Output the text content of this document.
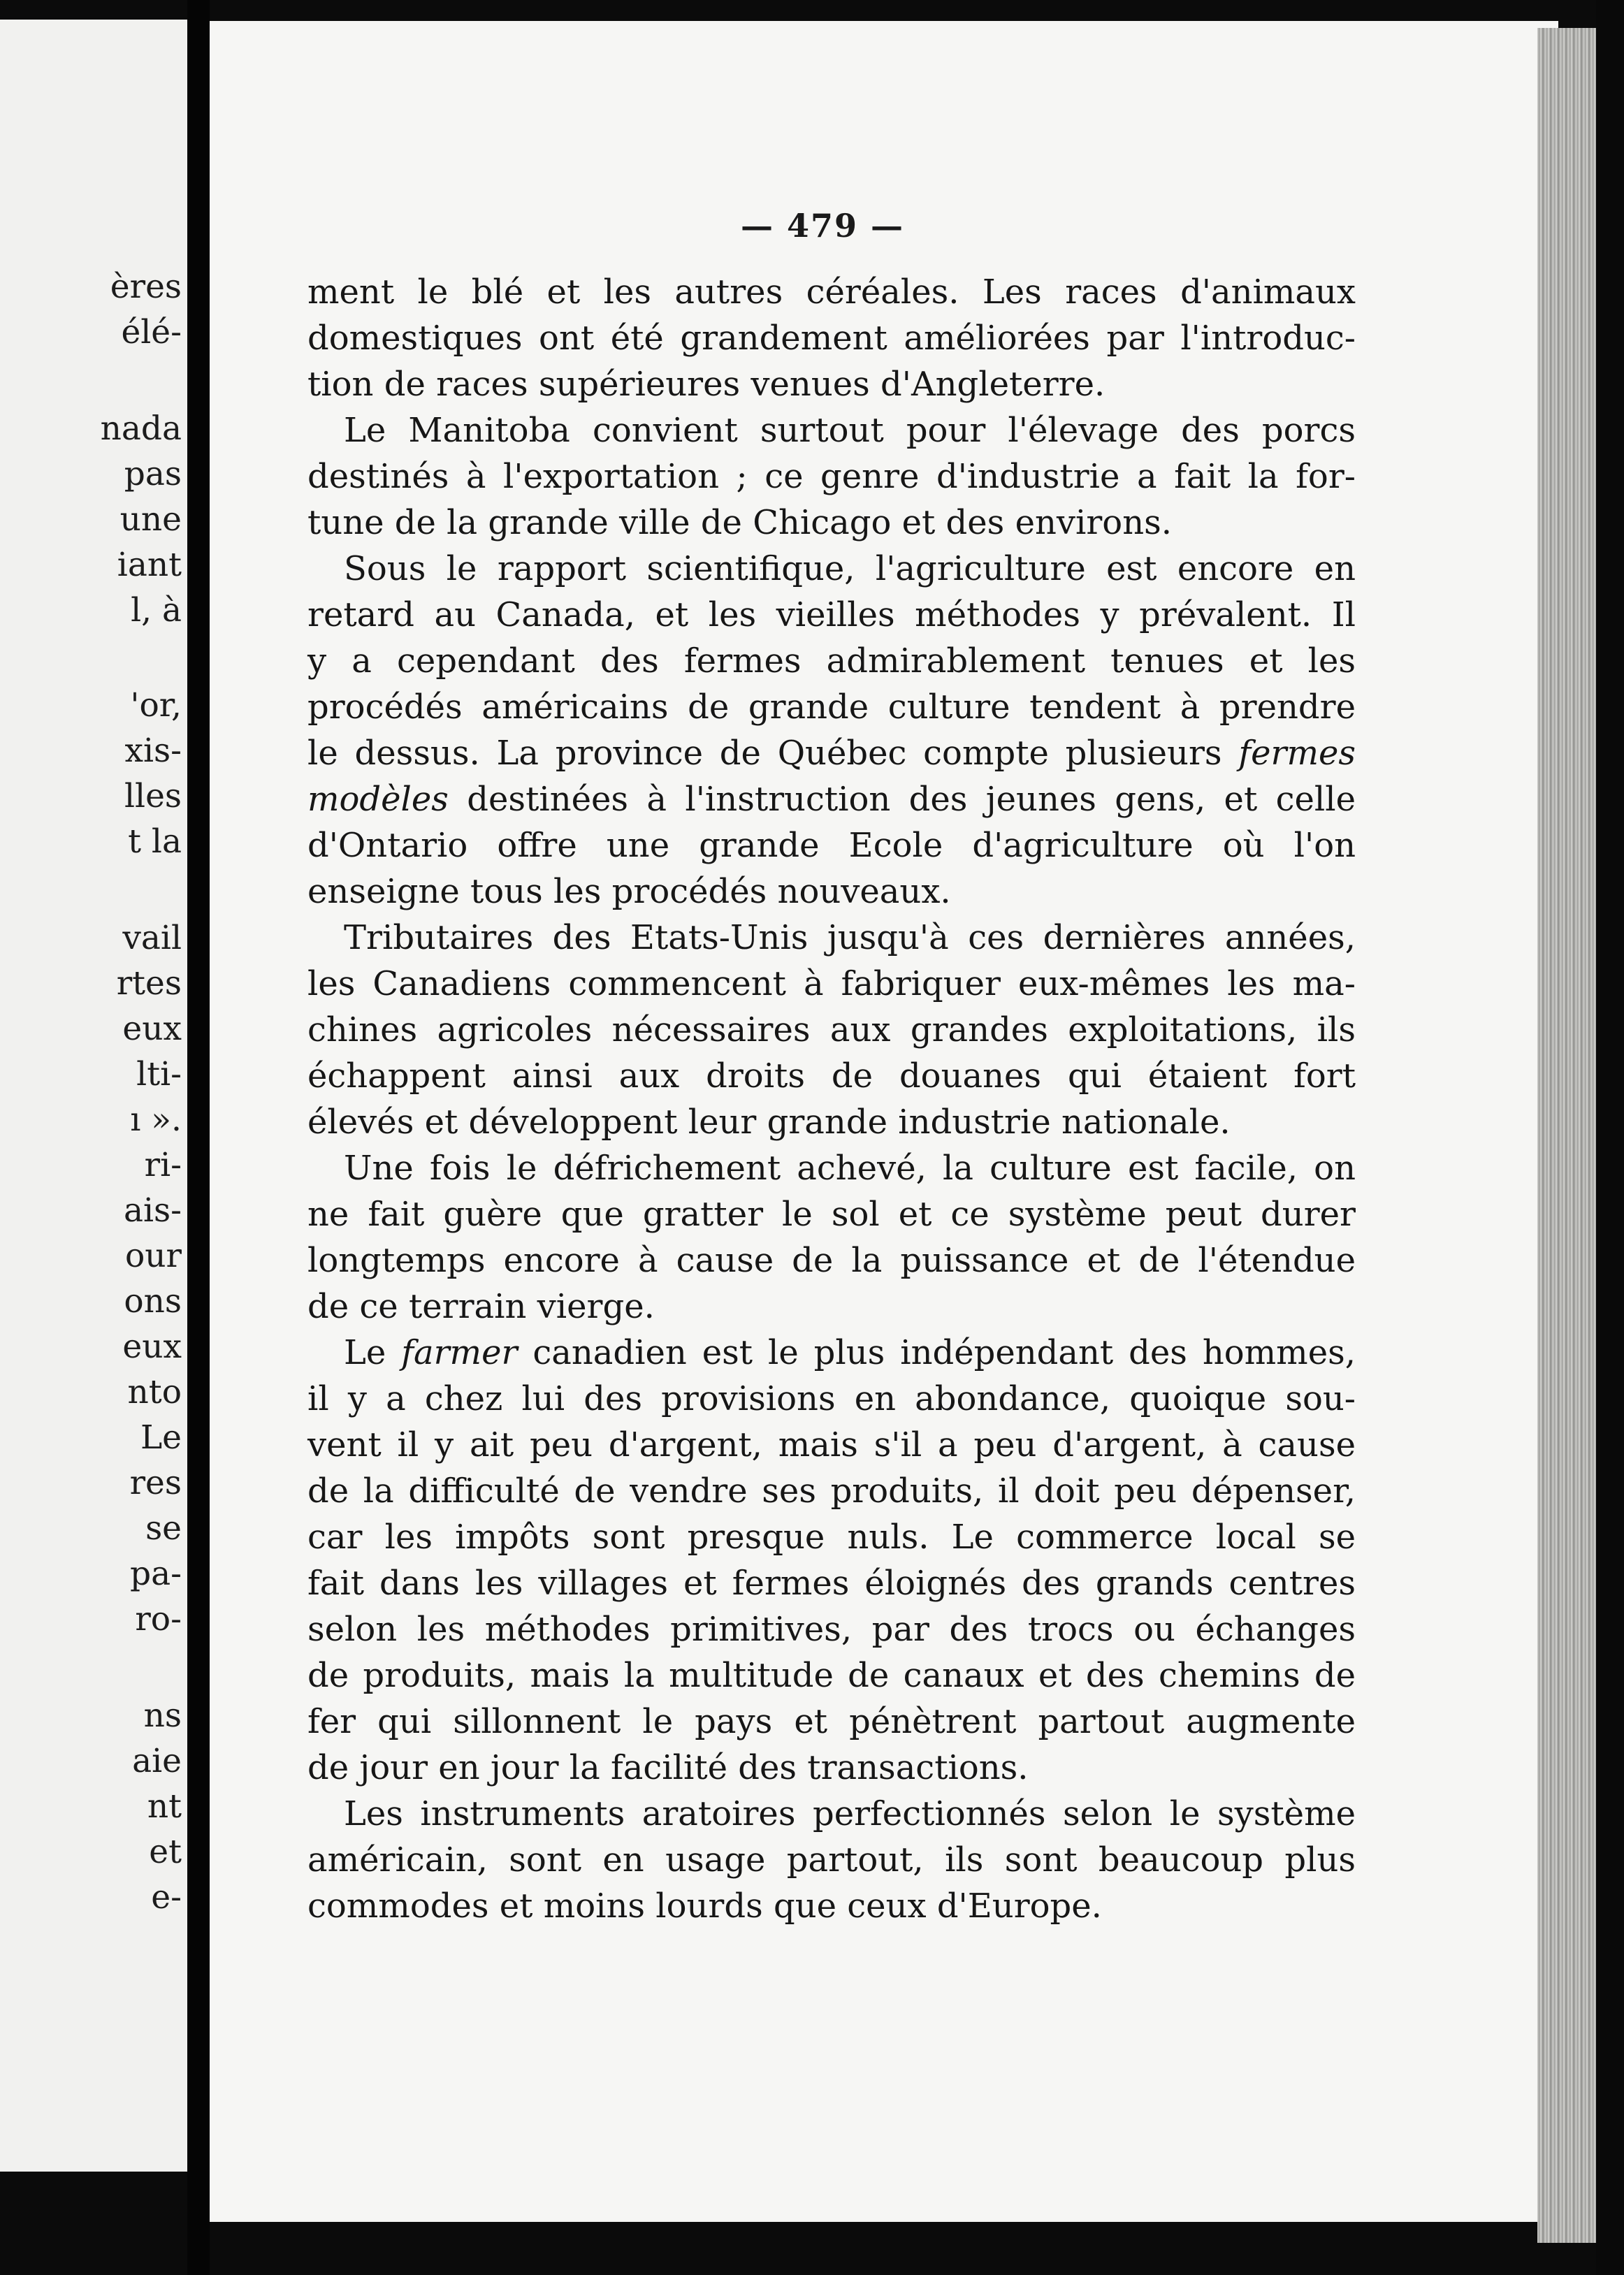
ères
élé-
nada
pas
une
iant
l, à
'or,
xis-
lles
t la
vail
rtes
eux
lti-
ı ».
ri-
ais-
our
ons
eux
nto
Le
res
se
pa-
ro-
ns
aie
nt
et
e-
— 479 —
ment le blé et les autres céréales. Les races d'animaux
domestiques ont été grandement améliorées par l'introduc-
tion de races supérieures venues d'Angleterre.
Le Manitoba convient surtout pour l'élevage des porcs
destinés à l'exportation ; ce genre d'industrie a fait la for-
tune de la grande ville de Chicago et des environs.
Sous le rapport scientifique, l'agriculture est encore en
retard au Canada, et les vieilles méthodes y prévalent. Il
y a cependant des fermes admirablement tenues et les
procédés américains de grande culture tendent à prendre
le dessus. La province de Québec compte plusieurs fermes
modèles destinées à l'instruction des jeunes gens, et celle
d'Ontario offre une grande Ecole d'agriculture où l'on
enseigne tous les procédés nouveaux.
Tributaires des Etats-Unis jusqu'à ces dernières années,
les Canadiens commencent à fabriquer eux-mêmes les ma-
chines agricoles nécessaires aux grandes exploitations, ils
échappent ainsi aux droits de douanes qui étaient fort
élevés et développent leur grande industrie nationale.
Une fois le défrichement achevé, la culture est facile, on
ne fait guère que gratter le sol et ce système peut durer
longtemps encore à cause de la puissance et de l'étendue
de ce terrain vierge.
Le farmer canadien est le plus indépendant des hommes,
il y a chez lui des provisions en abondance, quoique sou-
vent il y ait peu d'argent, mais s'il a peu d'argent, à cause
de la difficulté de vendre ses produits, il doit peu dépenser,
car les impôts sont presque nuls. Le commerce local se
fait dans les villages et fermes éloignés des grands centres
selon les méthodes primitives, par des trocs ou échanges
de produits, mais la multitude de canaux et des chemins de
fer qui sillonnent le pays et pénètrent partout augmente
de jour en jour la facilité des transactions.
Les instruments aratoires perfectionnés selon le système
américain, sont en usage partout, ils sont beaucoup plus
commodes et moins lourds que ceux d'Europe.
